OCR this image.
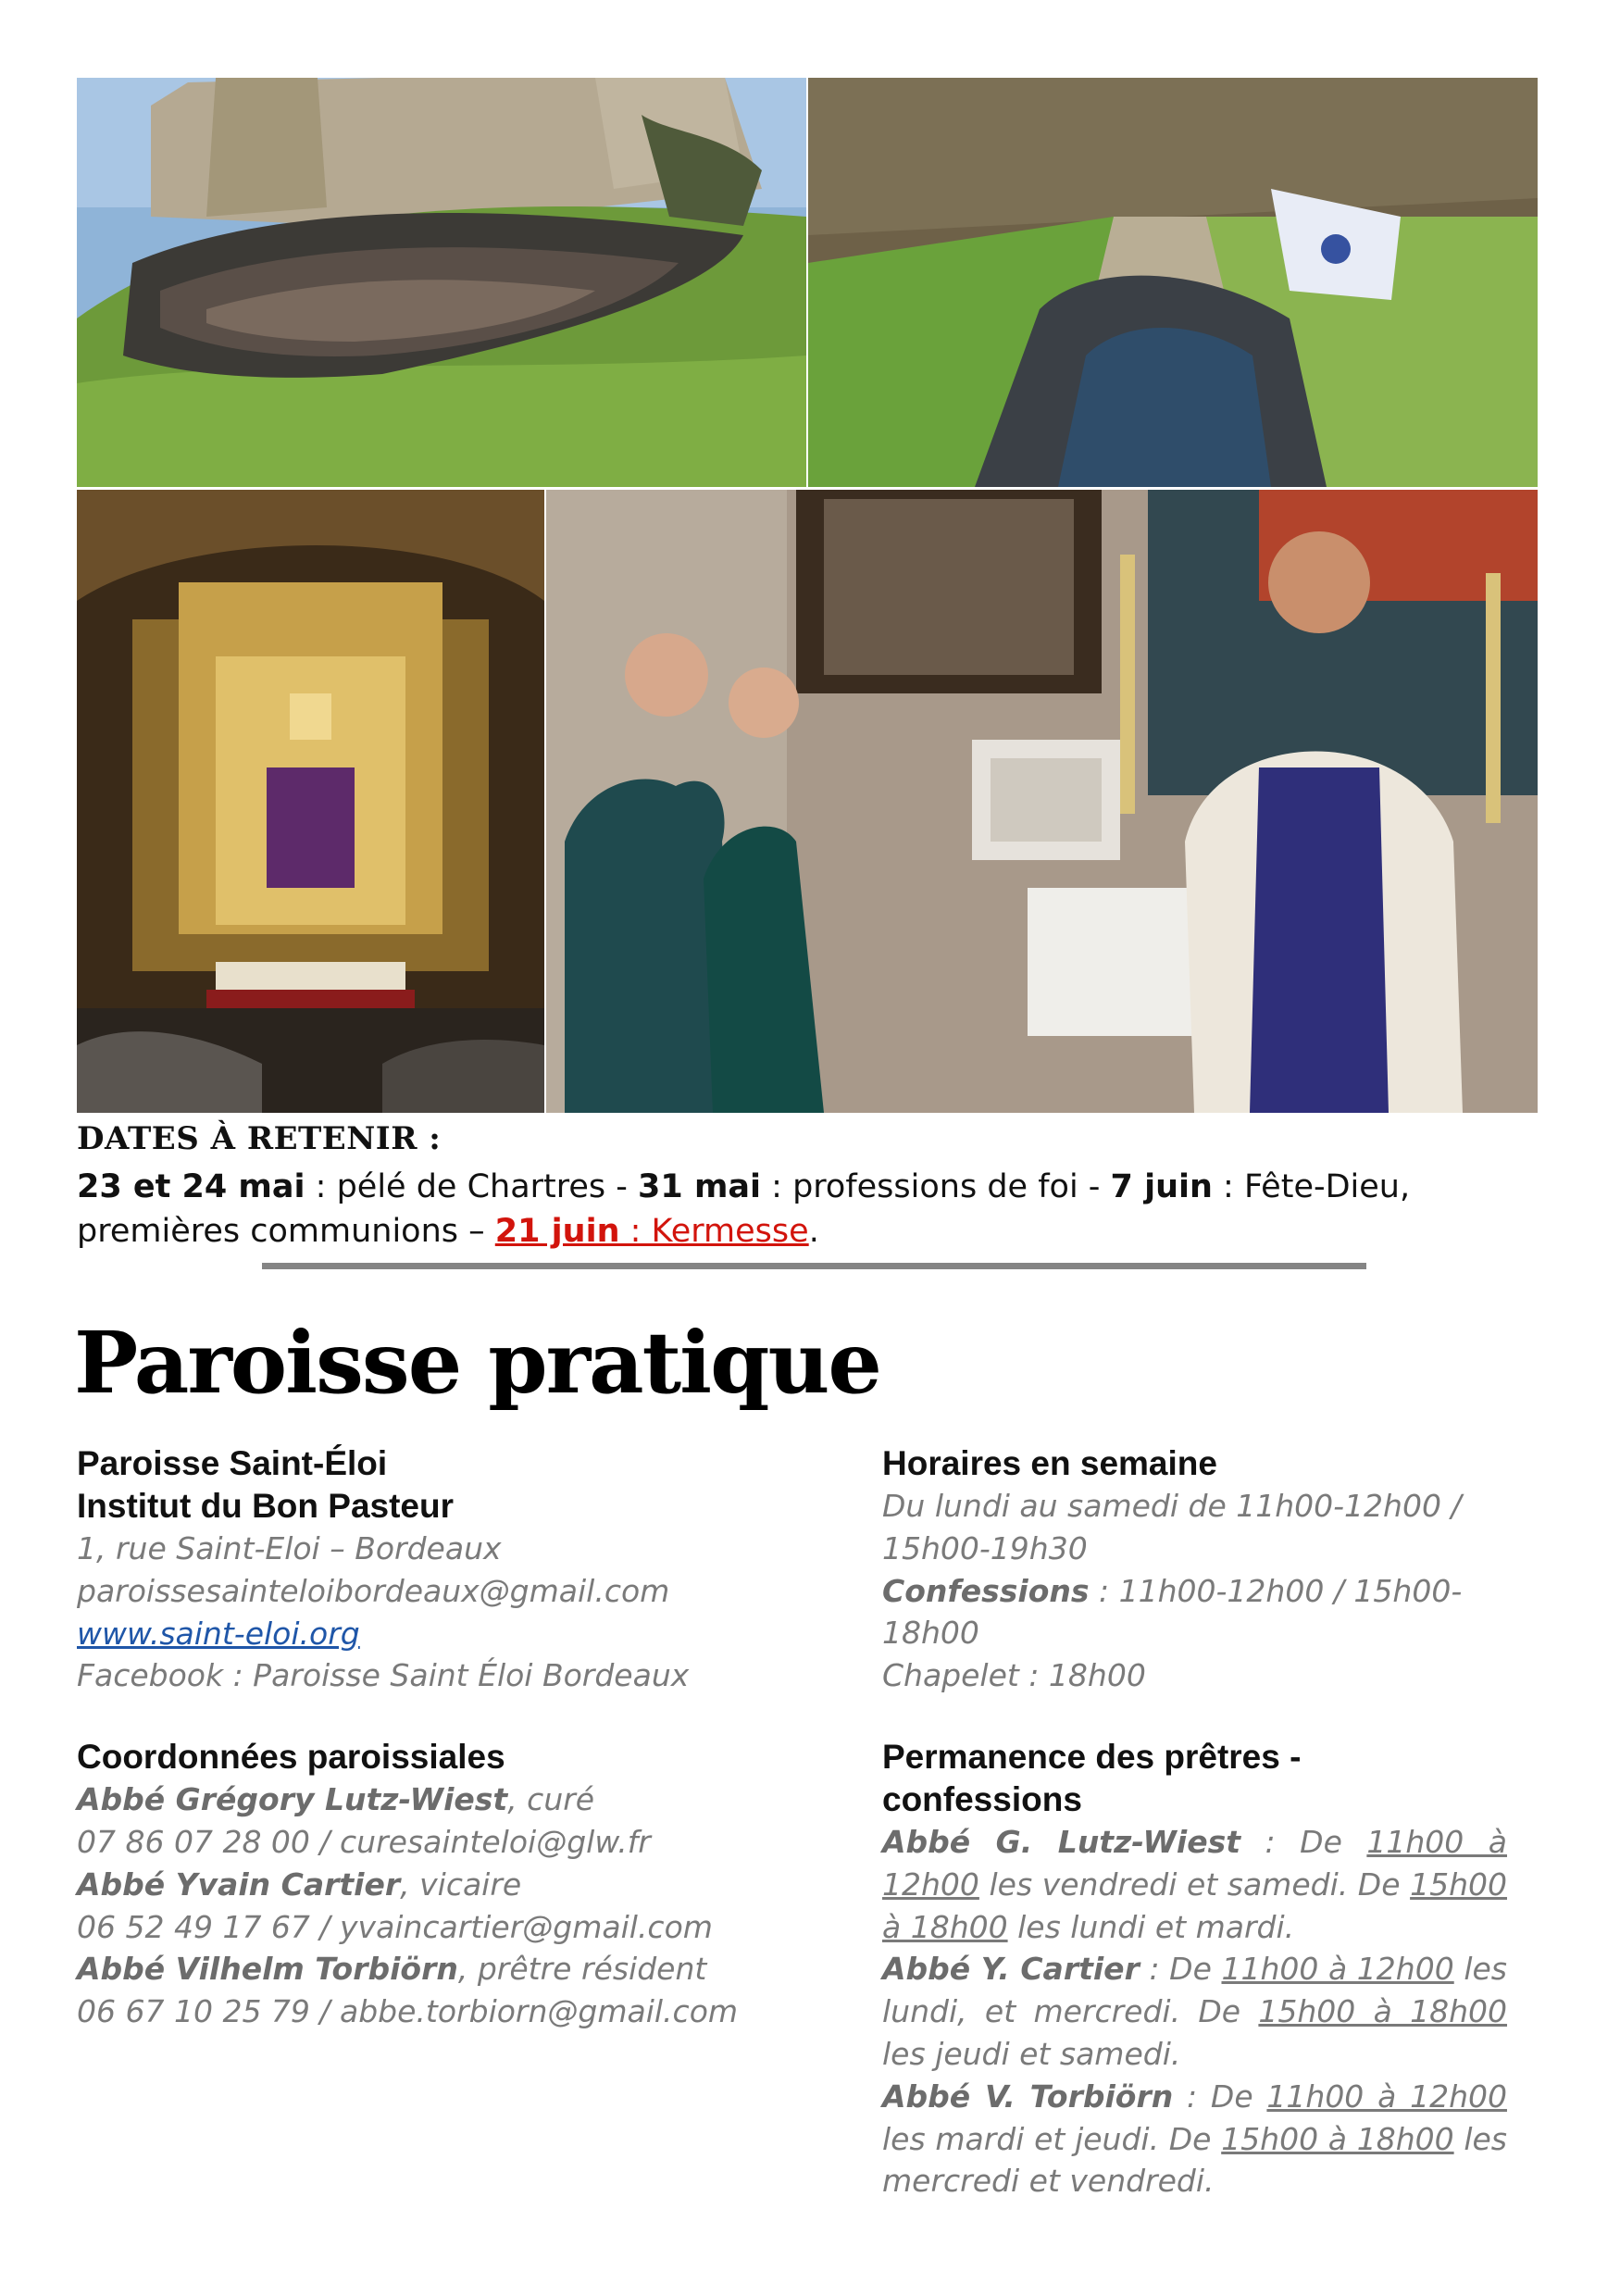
DATES À RETENIR :
23 et 24 mai : pélé de Chartres - 31 mai : professions de foi - 7 juin : Fête-Dieu, premières communions – 21 juin : Kermesse.
Paroisse pratique

Paroisse Saint-Éloi

Institut du Bon Pasteur

1, rue Saint-Eloi – Bordeaux

paroissesainteloibordeaux@gmail.com

www.saint-eloi.org

Facebook : Paroisse Saint Éloi Bordeaux

Coordonnées paroissiales

Abbé Grégory Lutz-Wiest, curé

07 86 07 28 00 / curesainteloi@glw.fr

Abbé Yvain Cartier, vicaire

06 52 49 17 67 / yvaincartier@gmail.com

Abbé Vilhelm Torbiörn, prêtre résident

06 67 10 25 79 / abbe.torbiorn@gmail.com

Horaires en semaine

Du lundi au samedi de 11h00-12h00 / 15h00-19h30

Confessions : 11h00-12h00 / 15h00-18h00

Chapelet : 18h00

Permanence des prêtres - confessions

Abbé G. Lutz-Wiest : De 11h00 à 12h00 les vendredi et samedi. De 15h00 à 18h00 les lundi et mardi.

Abbé Y. Cartier : De 11h00 à 12h00 les lundi, et mercredi. De 15h00 à 18h00 les jeudi et samedi.

Abbé V. Torbiörn : De 11h00 à 12h00 les mardi et jeudi. De 15h00 à 18h00 les mercredi et vendredi.
